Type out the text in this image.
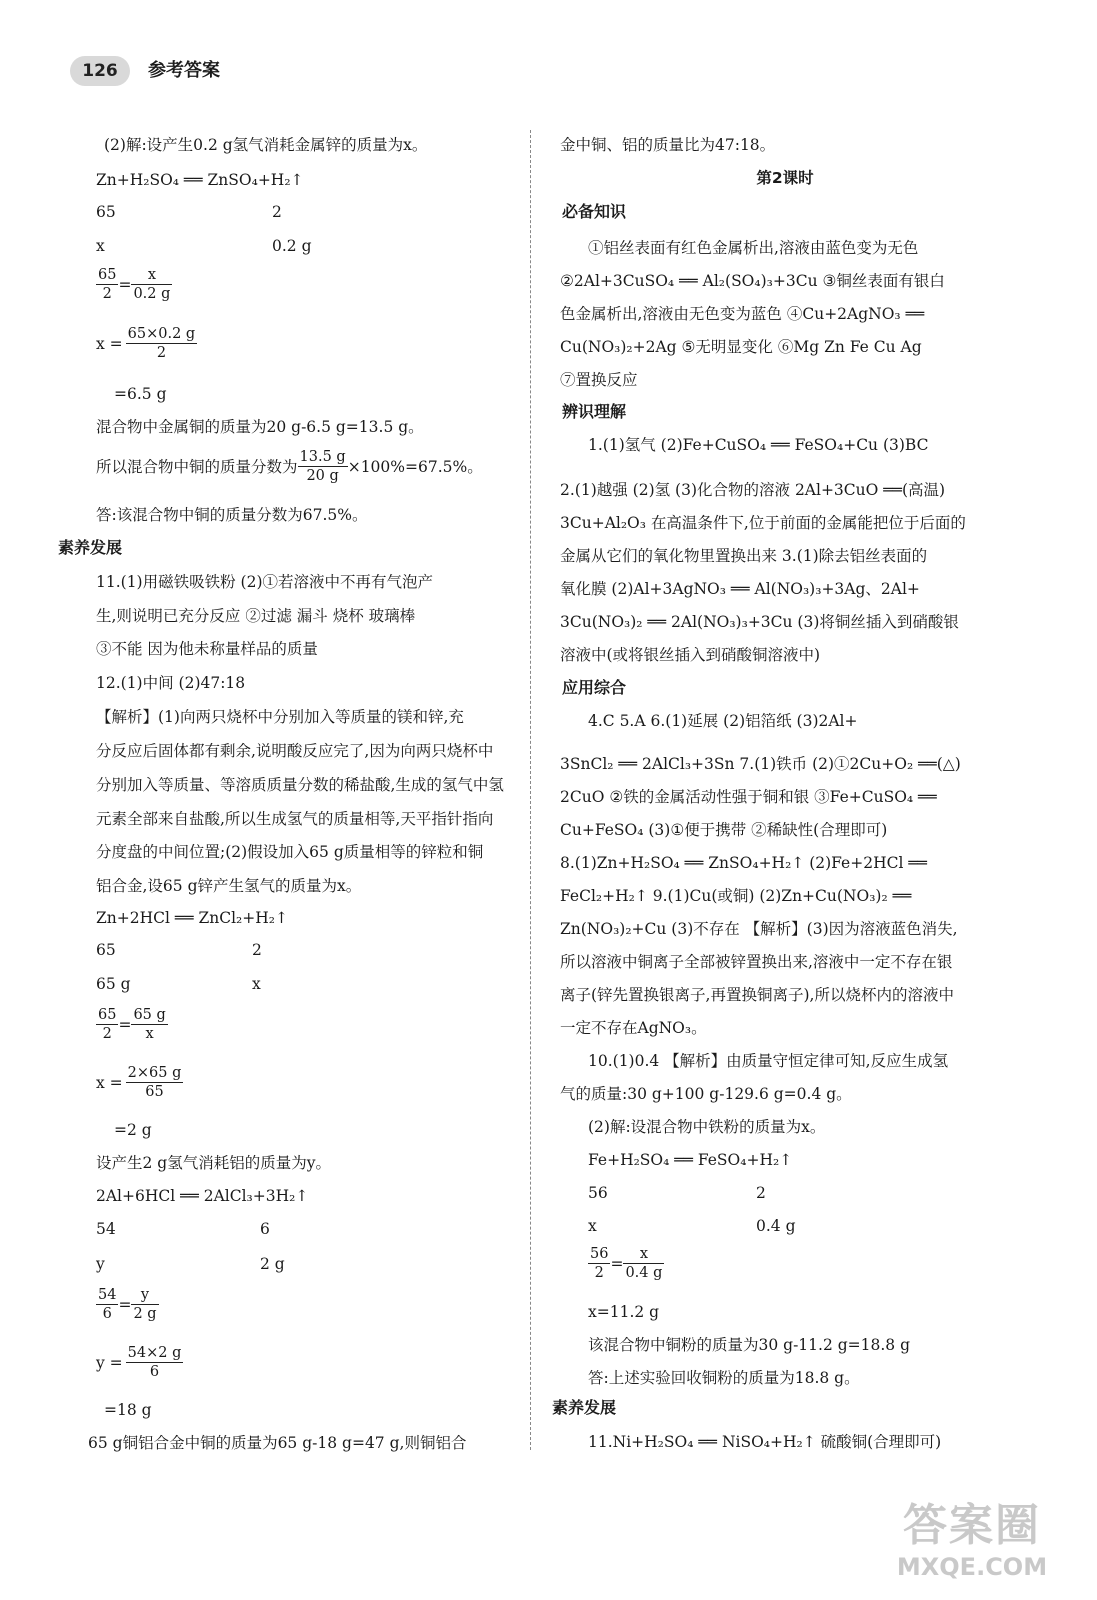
126	参考答案
(2)解:设产生0.2 g氢气消耗金属锌的质量为x。
Zn+H₂SO₄ ══ ZnSO₄+H₂↑
65	2
x	0.2 g
$\frac{65}{2} = \frac{x}{0.2 g}$
$x = \frac{65\times 0.2 g}{2}$
=6.5 g
混合物中金属铜的质量为20 g-6.5 g=13.5 g。
所以混合物中铜的质量分数为 $\frac{13.5 g}{20 g} \times 100\%=67.5\%$。
答:该混合物中铜的质量分数为67.5%。
素养发展
11.(1)用磁铁吸铁粉 (2)①若溶液中不再有气泡产
生,则说明已充分反应 ②过滤 漏斗 烧杯 玻璃棒
③不能 因为他未称量样品的质量
12.(1)中间 (2)47:18
【解析】(1)向两只烧杯中分别加入等质量的镁和锌,充
分反应后固体都有剩余,说明酸反应完了,因为向两只烧杯中
分别加入等质量、等溶质质量分数的稀盐酸,生成的氢气中氢
元素全部来自盐酸,所以生成氢气的质量相等,天平指针指向
分度盘的中间位置;(2)假设加入65 g质量相等的锌粒和铜
铝合金,设65 g锌产生氢气的质量为x。
Zn+2HCl ══ ZnCl₂+H₂↑
65	2
65 g	x
$\frac{65}{2} = \frac{65 g}{x}$
$x = \frac{2\times 65 g}{65}$
=2 g
设产生2 g氢气消耗铝的质量为y。
2Al+6HCl ══ 2AlCl₃+3H₂↑
54	6
y	2 g
$\frac{54}{6} = \frac{y}{2 g}$
$y = \frac{54\times 2 g}{6}$
=18 g
65 g铜铝合金中铜的质量为65 g-18 g=47 g,则铜铝合
金中铜、铝的质量比为47:18。
第2课时
必备知识
①铝丝表面有红色金属析出,溶液由蓝色变为无色
②2Al+3CuSO₄ ══ Al₂(SO₄)₃+3Cu ③铜丝表面有银白
色金属析出,溶液由无色变为蓝色 ④Cu+2AgNO₃ ══
Cu(NO₃)₂+2Ag ⑤无明显变化 ⑥Mg Zn Fe Cu Ag
⑦置换反应
辨识理解
1.(1)氢气 (2)Fe+CuSO₄ ══ FeSO₄+Cu (3)BC
2.(1)越强 (2)氢 (3)化合物的溶液 2Al+3CuO ══(高温)
3Cu+Al₂O₃ 在高温条件下,位于前面的金属能把位于后面的
金属从它们的氧化物里置换出来 3.(1)除去铝丝表面的
氧化膜 (2)Al+3AgNO₃ ══ Al(NO₃)₃+3Ag、2Al+
3Cu(NO₃)₂ ══ 2Al(NO₃)₃+3Cu (3)将铜丝插入到硝酸银
溶液中(或将银丝插入到硝酸铜溶液中)
应用综合
4.C 5.A 6.(1)延展 (2)铝箔纸 (3)2Al+
3SnCl₂ ══ 2AlCl₃+3Sn 7.(1)铁币 (2)①2Cu+O₂ ══(△)
2CuO ②铁的金属活动性强于铜和银 ③Fe+CuSO₄ ══
Cu+FeSO₄ (3)①便于携带 ②稀缺性(合理即可)
8.(1)Zn+H₂SO₄ ══ ZnSO₄+H₂↑ (2)Fe+2HCl ══
FeCl₂+H₂↑ 9.(1)Cu(或铜) (2)Zn+Cu(NO₃)₂ ══
Zn(NO₃)₂+Cu (3)不存在 【解析】(3)因为溶液蓝色消失,
所以溶液中铜离子全部被锌置换出来,溶液中一定不存在银
离子(锌先置换银离子,再置换铜离子),所以烧杯内的溶液中
一定不存在AgNO₃。
10.(1)0.4 【解析】由质量守恒定律可知,反应生成氢
气的质量:30 g+100 g-129.6 g=0.4 g。
(2)解:设混合物中铁粉的质量为x。
Fe+H₂SO₄ ══ FeSO₄+H₂↑
56	2
x	0.4 g
$\frac{56}{2} = \frac{x}{0.4 g}$
x=11.2 g
该混合物中铜粉的质量为30 g-11.2 g=18.8 g
答:上述实验回收铜粉的质量为18.8 g。
素养发展
11.Ni+H₂SO₄ ══ NiSO₄+H₂↑ 硫酸铜(合理即可)
答案圈
MXQE.COM
